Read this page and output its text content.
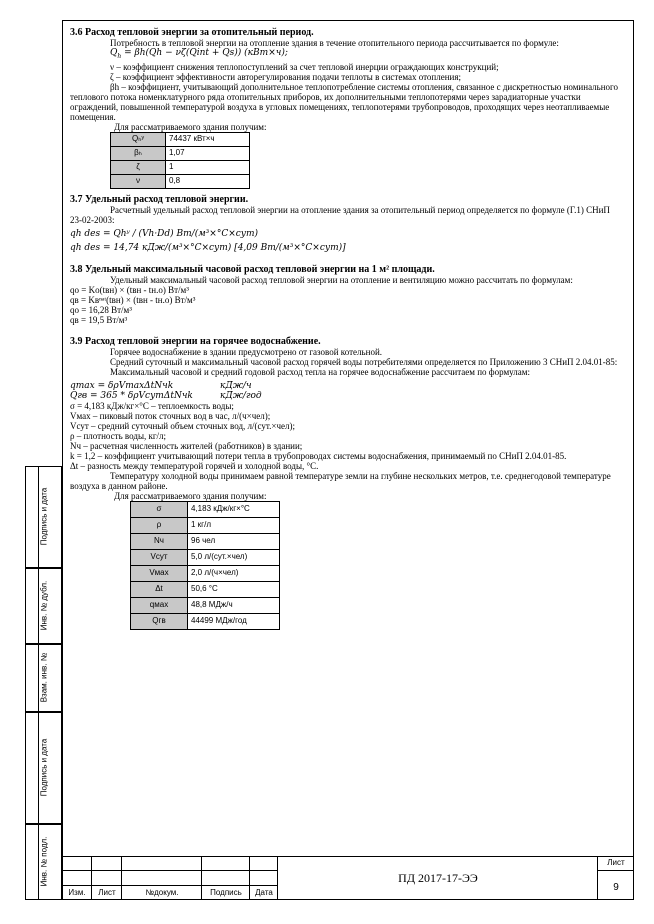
Подпись и дата
Инв. № дубл.
Взам. инв. №
Подпись и дата
Инв. № подл.

3.6 Расход тепловой энергии за отопительный период.

Потребность в тепловой энергии на отопление здания в течение отопительного периода рассчитывается по формуле:

$Q_h = \beta h(Qh$ − νζ(Qint + Qs)) (кВт×ч);

ν – коэффициент снижения теплопоступлений за счет тепловой инерции ограждающих конструкций;

ζ – коэффициент эффективности авторегулирования подачи теплоты в системах отопления;

βh – коэффициент, учитывающий дополнительное теплопотребление системы отопления, связанное с дискретностью номинального теплового потока номенклатурного ряда отопительных приборов, их дополнительными теплопотерями через зарадиаторные участки ограждений, повышенной температурой воздуха в угловых помещениях, теплопотерями трубопроводов, проходящих через неотапливаемые помещения.

Для рассматриваемого здания получим:

Qₕʸ	74437 кВт×ч
βₕ	1,07
ζ	1
ν	0,8

3.7 Удельный расход тепловой энергии.

Расчетный удельный расход тепловой энергии на отопление здания за отопительный период определяется по формуле (Г.1) СНиП 23-02-2003:

qh des = Qhʸ / (Vh·Dd) Вт/(м³×°С×сут)

qh des = 14,74 кДж/(м³×°С×сут) [4,09 Вт/(м³×°С×сут)]

3.8 Удельный максимальный часовой расход тепловой энергии на 1 м² площади.

Удельный максимальный часовой расход тепловой энергии на отопление и вентиляцию можно рассчитать по формулам:

qо = Kо(tвн) × (tвн - tн.о) Вт/м³

qв = Kвⁿᵃᵗ(tвн) × (tвн - tн.о) Вт/м³

qо = 16,28 Вт/м³

qв = 19,5 Вт/м³

3.9 Расход тепловой энергии на горячее водоснабжение.

Горячее водоснабжение в здании предусмотрено от газовой котельной.

Средний суточный и максимальный часовой расход горячей воды потребителями определяется по Приложению 3 СНиП 2.04.01-85:

Максимальный часовой и средний годовой расход тепла на горячее водоснабжение рассчитаем по формулам:

qmax = δρVmaxΔtNчk	кДж/ч

Qгв = 365 * δρVсутΔtNчk	кДж/год

σ = 4,183 кДж/кг×°С – теплоемкость воды;

Vмах – пиковый поток сточных вод в час, л/(ч×чел);

Vсут – средний суточный объем сточных вод, л/(сут.×чел);

ρ – плотность воды, кг/л;

Nч – расчетная численность жителей (работников) в здании;

k = 1,2 – коэффициент учитывающий потери тепла в трубопроводах системы водоснабжения, принимаемый по СНиП 2.04.01-85.

Δt – разность между температурой горячей и холодной воды, °С.

Температуру холодной воды принимаем равной температуре земли на глубине нескольких метров, т.е. среднегодовой температуре воздуха в данном районе.

Для рассматриваемого здания получим:

σ	4,183 кДж/кг×°С
ρ	1 кг/л
Nч	96 чел
Vсут	5,0 л/(сут.×чел)
Vмах	2,0 л/(ч×чел)
Δt	50,6 °С
qмах	48,8 МДж/ч
Qгв	44499 МДж/год
Изм.	Лист	№докум.	Подпись	Дата
ПД 2017-17-ЭЭ
Лист
9
